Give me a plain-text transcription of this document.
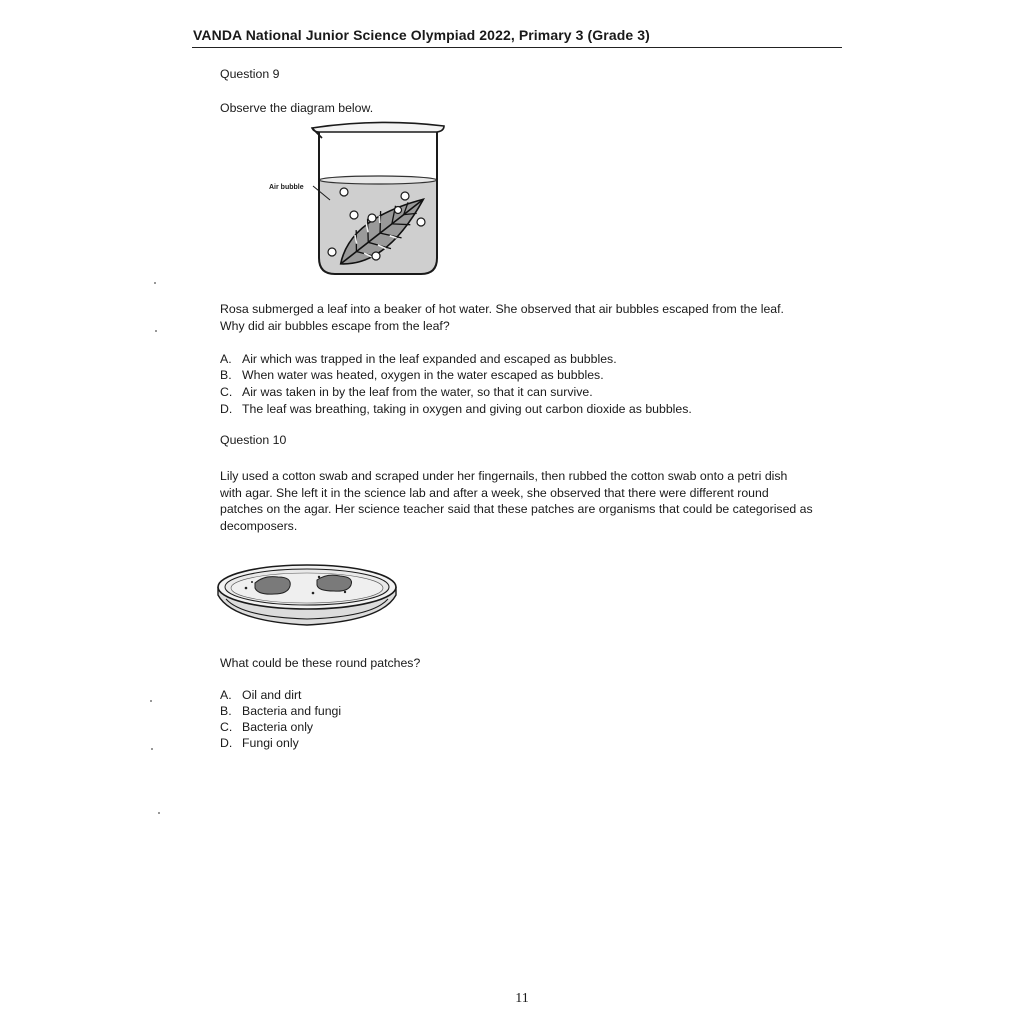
VANDA National Junior Science Olympiad 2022, Primary 3 (Grade 3)
Question 9
Observe the diagram below.
Air bubble
Rosa submerged a leaf into a beaker of hot water. She observed that air bubbles escaped from the leaf.
Why did air bubbles escape from the leaf?
A. Air which was trapped in the leaf expanded and escaped as bubbles.
B. When water was heated, oxygen in the water escaped as bubbles.
C. Air was taken in by the leaf from the water, so that it can survive.
D. The leaf was breathing, taking in oxygen and giving out carbon dioxide as bubbles.
Question 10
Lily used a cotton swab and scraped under her fingernails, then rubbed the cotton swab onto a petri dish
with agar. She left it in the science lab and after a week, she observed that there were different round
patches on the agar. Her science teacher said that these patches are organisms that could be categorised as
decomposers.
What could be these round patches?
A. Oil and dirt
B. Bacteria and fungi
C. Bacteria only
D. Fungi only
11
